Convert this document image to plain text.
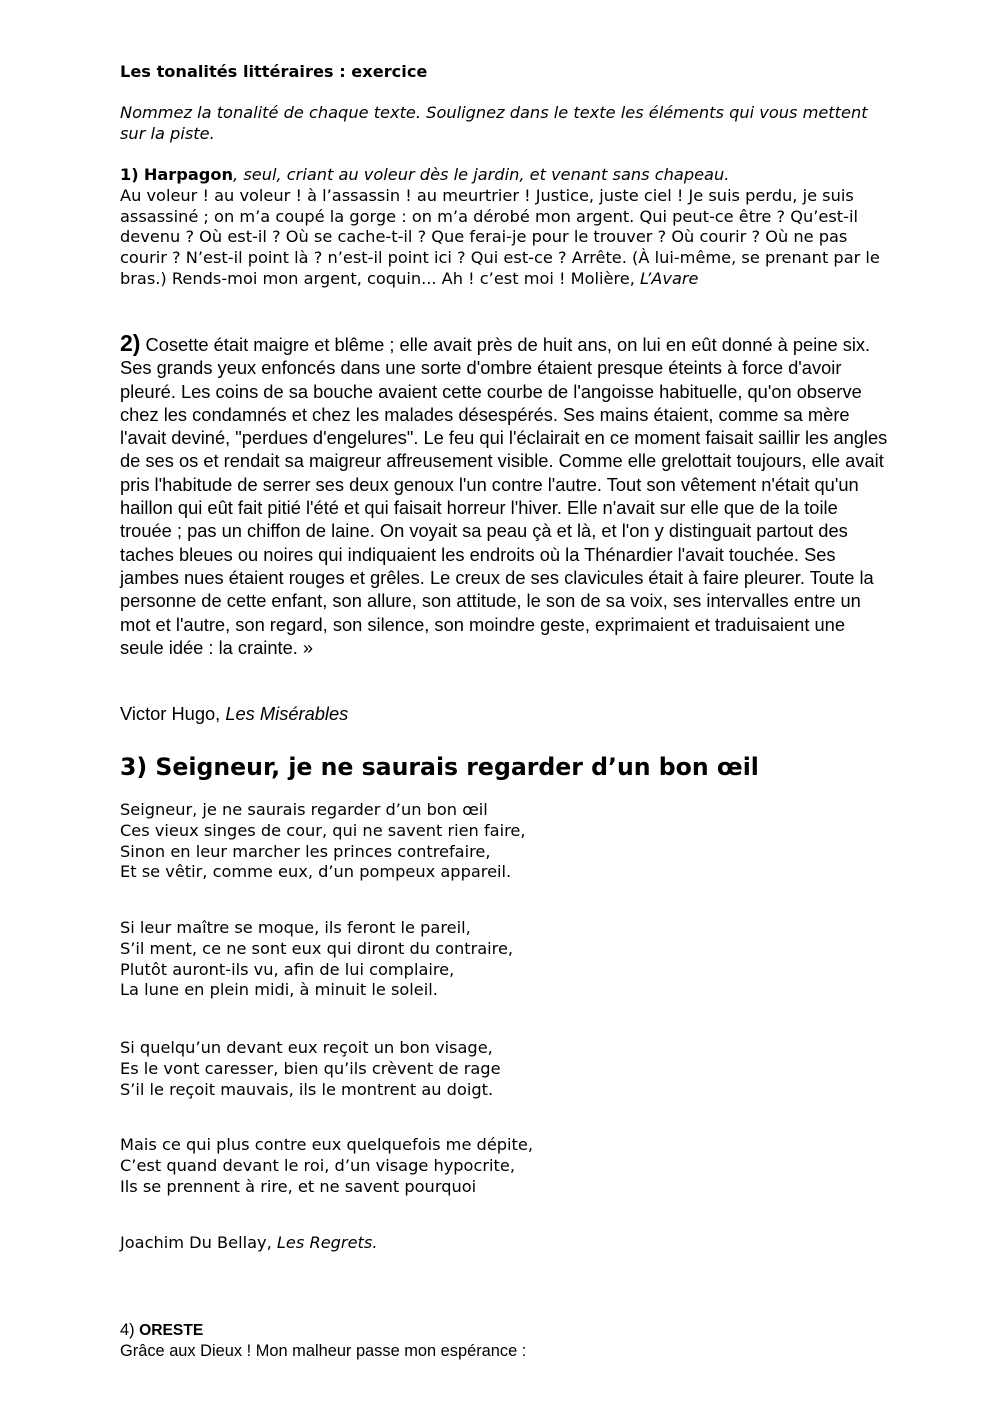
Les tonalités littéraires : exercice
Nommez la tonalité de chaque texte. Soulignez dans le texte les éléments qui vous mettent sur la piste.

1) Harpagon, seul, criant au voleur dès le jardin, et venant sans chapeau.

Au voleur ! au voleur ! à l’assassin ! au meurtrier ! Justice, juste ciel ! Je suis perdu, je suis assassiné ; on m’a coupé la gorge : on m’a dérobé mon argent. Qui peut-ce être ? Qu’est-il devenu ? Où est-il ? Où se cache-t-il ? Que ferai-je pour le trouver ? Où courir ? Où ne pas courir ? N’est-il point là ? n’est-il point ici ? Qui est-ce ? Arrête. (À lui-même, se prenant par le bras.) Rends-moi mon argent, coquin... Ah ! c’est moi ! Molière, L’Avare

2) Cosette était maigre et blême ; elle avait près de huit ans, on lui en eût donné à peine six. Ses grands yeux enfoncés dans une sorte d'ombre étaient presque éteints à force d'avoir pleuré. Les coins de sa bouche avaient cette courbe de l'angoisse habituelle, qu'on observe chez les condamnés et chez les malades désespérés. Ses mains étaient, comme sa mère l'avait deviné, "perdues d'engelures". Le feu qui l'éclairait en ce moment faisait saillir les angles de ses os et rendait sa maigreur affreusement visible. Comme elle grelottait toujours, elle avait pris l'habitude de serrer ses deux genoux l'un contre l'autre. Tout son vêtement n'était qu'un haillon qui eût fait pitié l'été et qui faisait horreur l'hiver. Elle n'avait sur elle que de la toile trouée ; pas un chiffon de laine. On voyait sa peau çà et là, et l'on y distinguait partout des taches bleues ou noires qui indiquaient les endroits où la Thénardier l'avait touchée. Ses jambes nues étaient rouges et grêles. Le creux de ses clavicules était à faire pleurer. Toute la personne de cette enfant, son allure, son attitude, le son de sa voix, ses intervalles entre un mot et l'autre, son regard, son silence, son moindre geste, exprimaient et traduisaient une seule idée : la crainte. »

Victor Hugo, Les Misérables
3) Seigneur, je ne saurais regarder d’un bon œil
Seigneur, je ne saurais regarder d’un bon œil
Ces vieux singes de cour, qui ne savent rien faire,
Sinon en leur marcher les princes contrefaire,
Et se vêtir, comme eux, d’un pompeux appareil.
Si leur maître se moque, ils feront le pareil,
S’il ment, ce ne sont eux qui diront du contraire,
Plutôt auront-ils vu, afin de lui complaire,
La lune en plein midi, à minuit le soleil.
Si quelqu’un devant eux reçoit un bon visage,
Es le vont caresser, bien qu’ils crèvent de rage
S’il le reçoit mauvais, ils le montrent au doigt.
Mais ce qui plus contre eux quelquefois me dépite,
C’est quand devant le roi, d’un visage hypocrite,
Ils se prennent à rire, et ne savent pourquoi
Joachim Du Bellay, Les Regrets.
4) ORESTE
Grâce aux Dieux ! Mon malheur passe mon espérance :
